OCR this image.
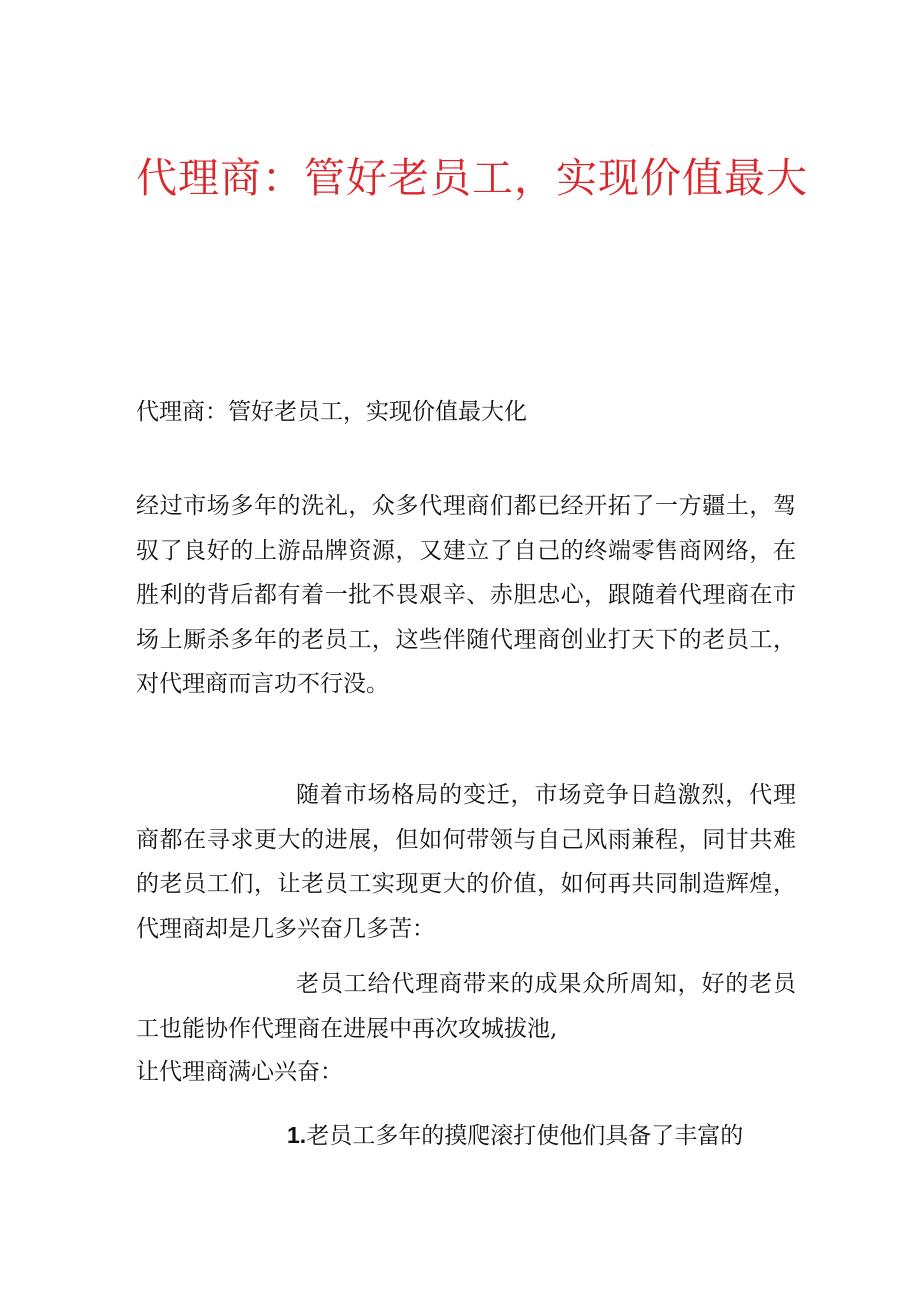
代理商：管好老员工，实现价值最大
代理商：管好老员工，实现价值最大化
经过市场多年的洗礼，众多代理商们都已经开拓了一方疆土，驾驭了良好的上游品牌资源，又建立了自己的终端零售商网络，在胜利的背后都有着一批不畏艰辛、赤胆忠心，跟随着代理商在市场上厮杀多年的老员工，这些伴随代理商创业打天下的老员工，对代理商而言功不行没。
随着市场格局的变迁，市场竞争日趋激烈，代理商都在寻求更大的进展，但如何带领与自己风雨兼程，同甘共难的老员工们，让老员工实现更大的价值，如何再共同制造辉煌，代理商却是几多兴奋几多苦：
老员工给代理商带来的成果众所周知，好的老员工也能协作代理商在进展中再次攻城拔池,
让代理商满心兴奋：
1.老员工多年的摸爬滚打使他们具备了丰富的
